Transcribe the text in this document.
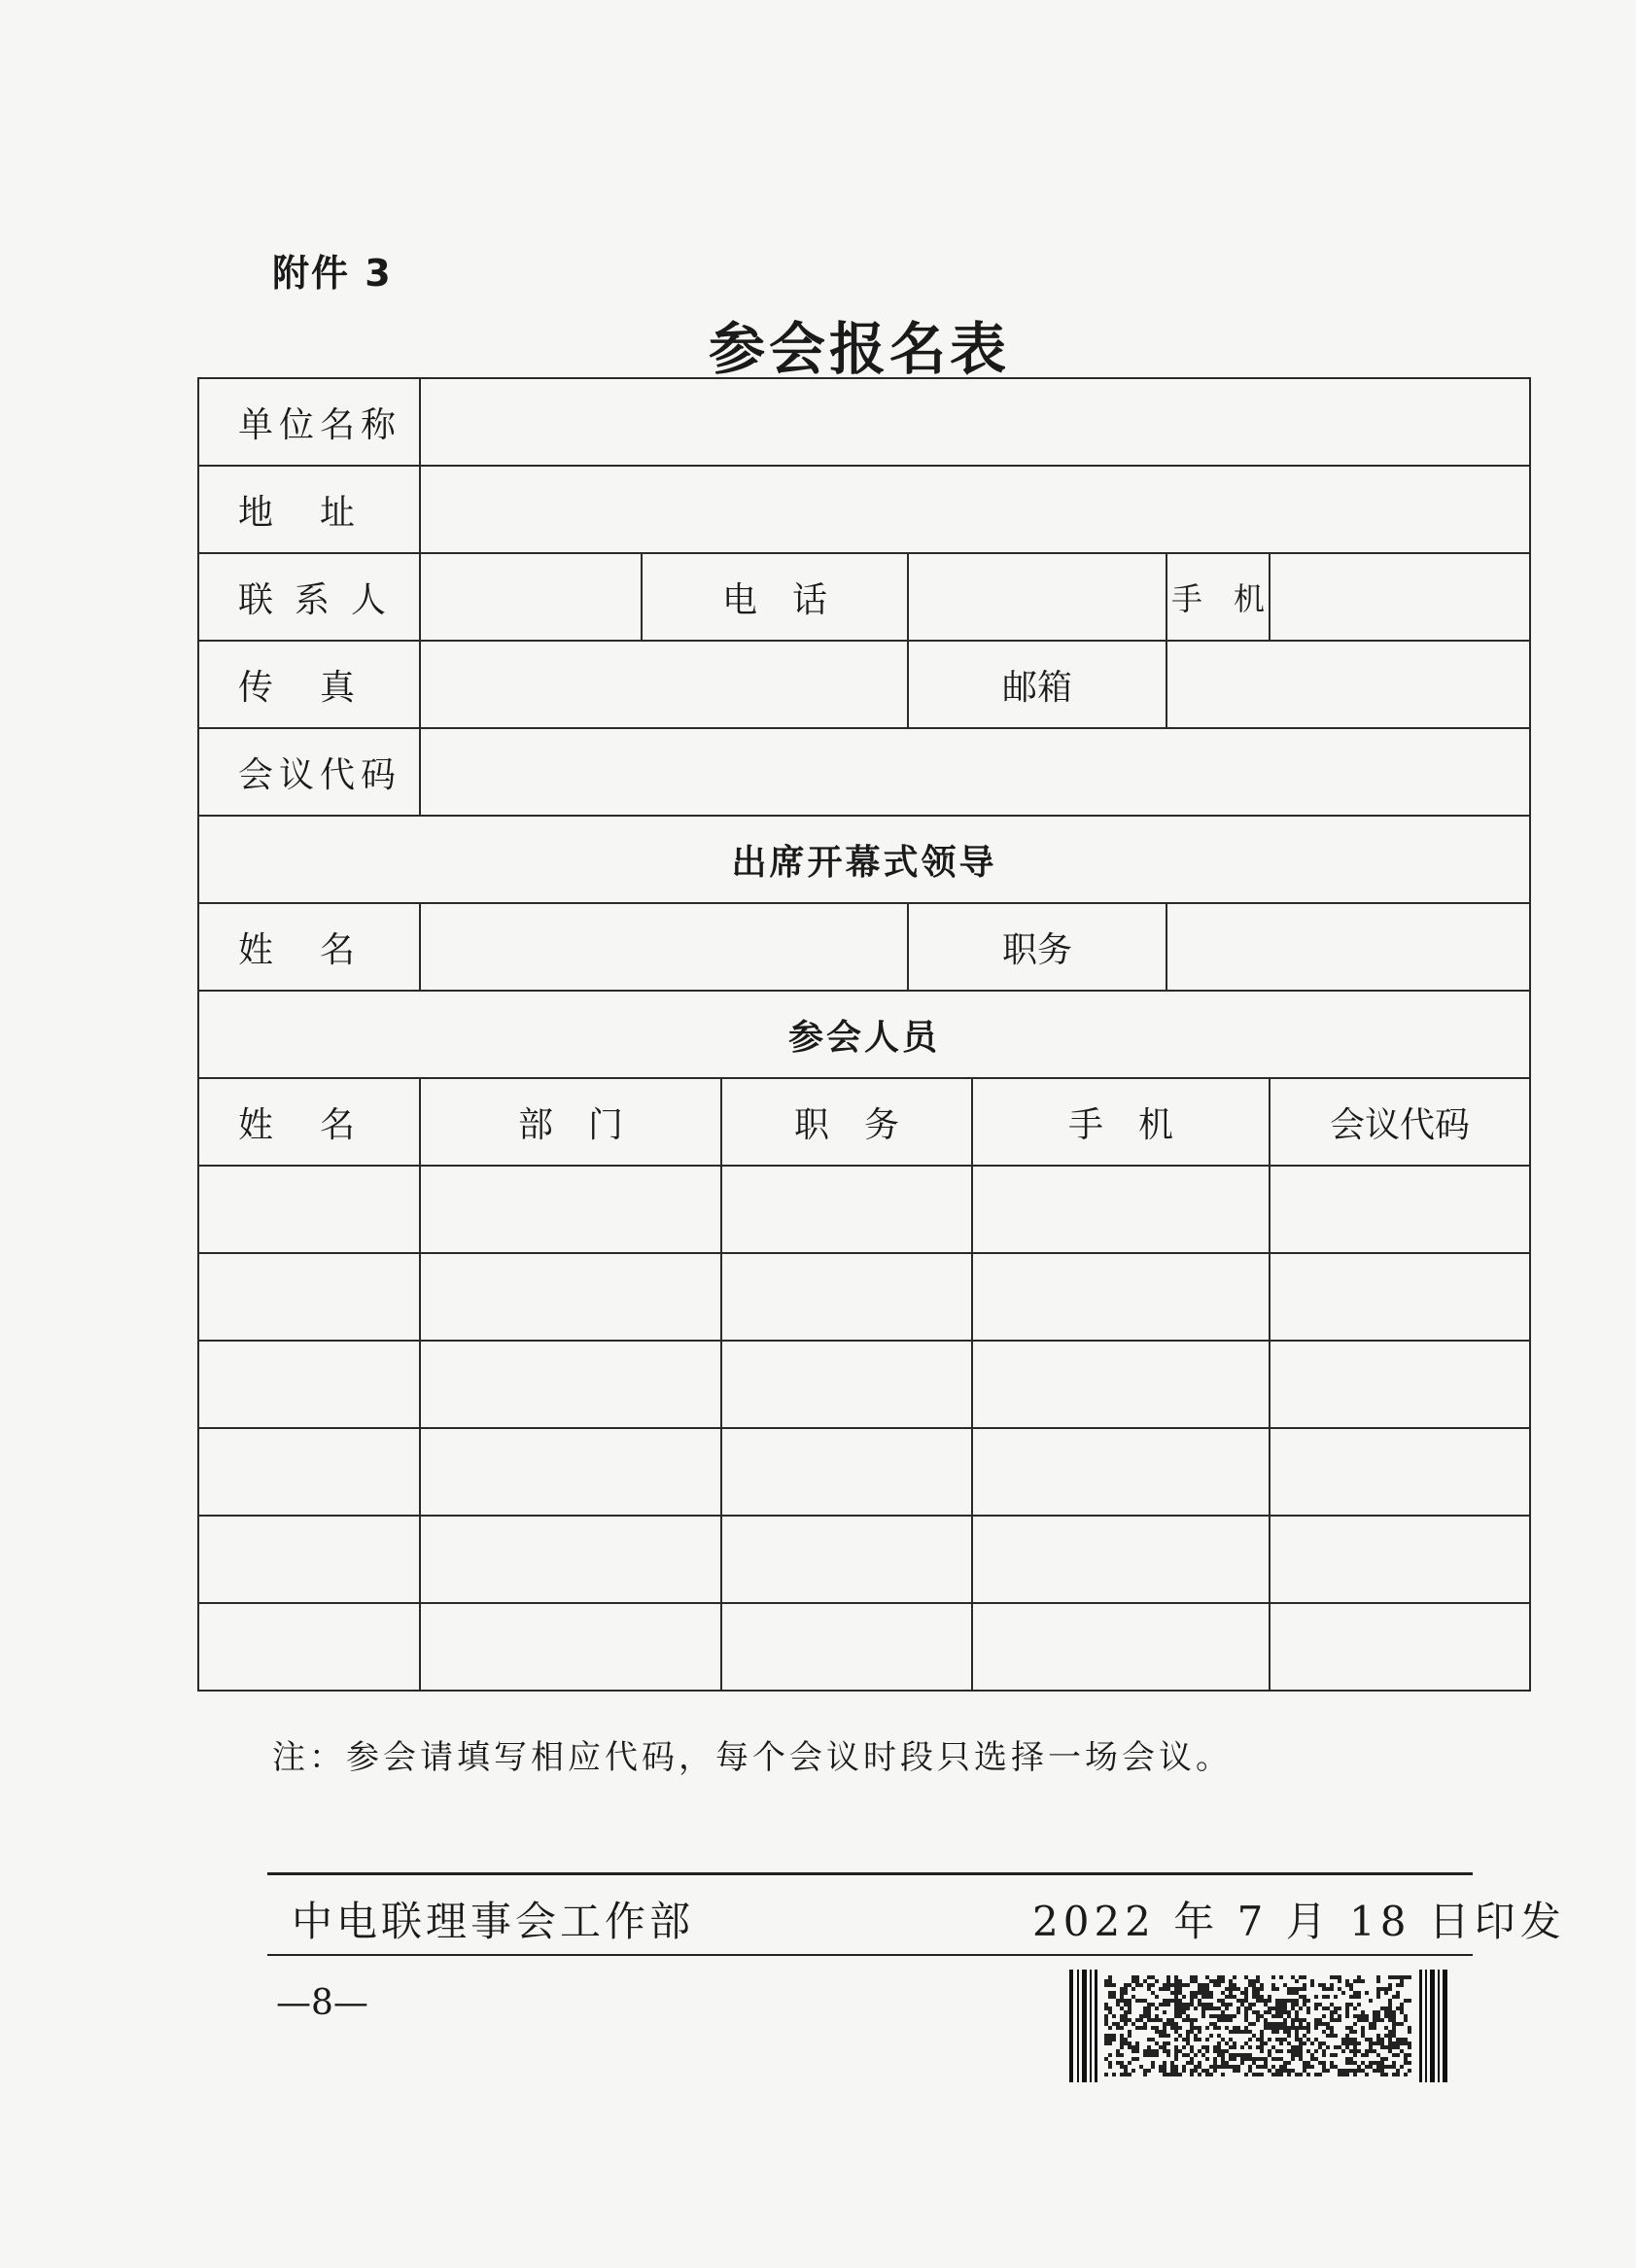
附件 3
参会报名表
单位名称							
地　址							
联系人		电　话				手　机	
传　真				邮箱			
会议代码							
出席开幕式领导							
姓　名				职务			
参会人员							
姓　名	部　门		职　务		手　机		会议代码

注：参会请填写相应代码，每个会议时段只选择一场会议。
中电联理事会工作部	2022 年 7 月 18 日印发
—8—
